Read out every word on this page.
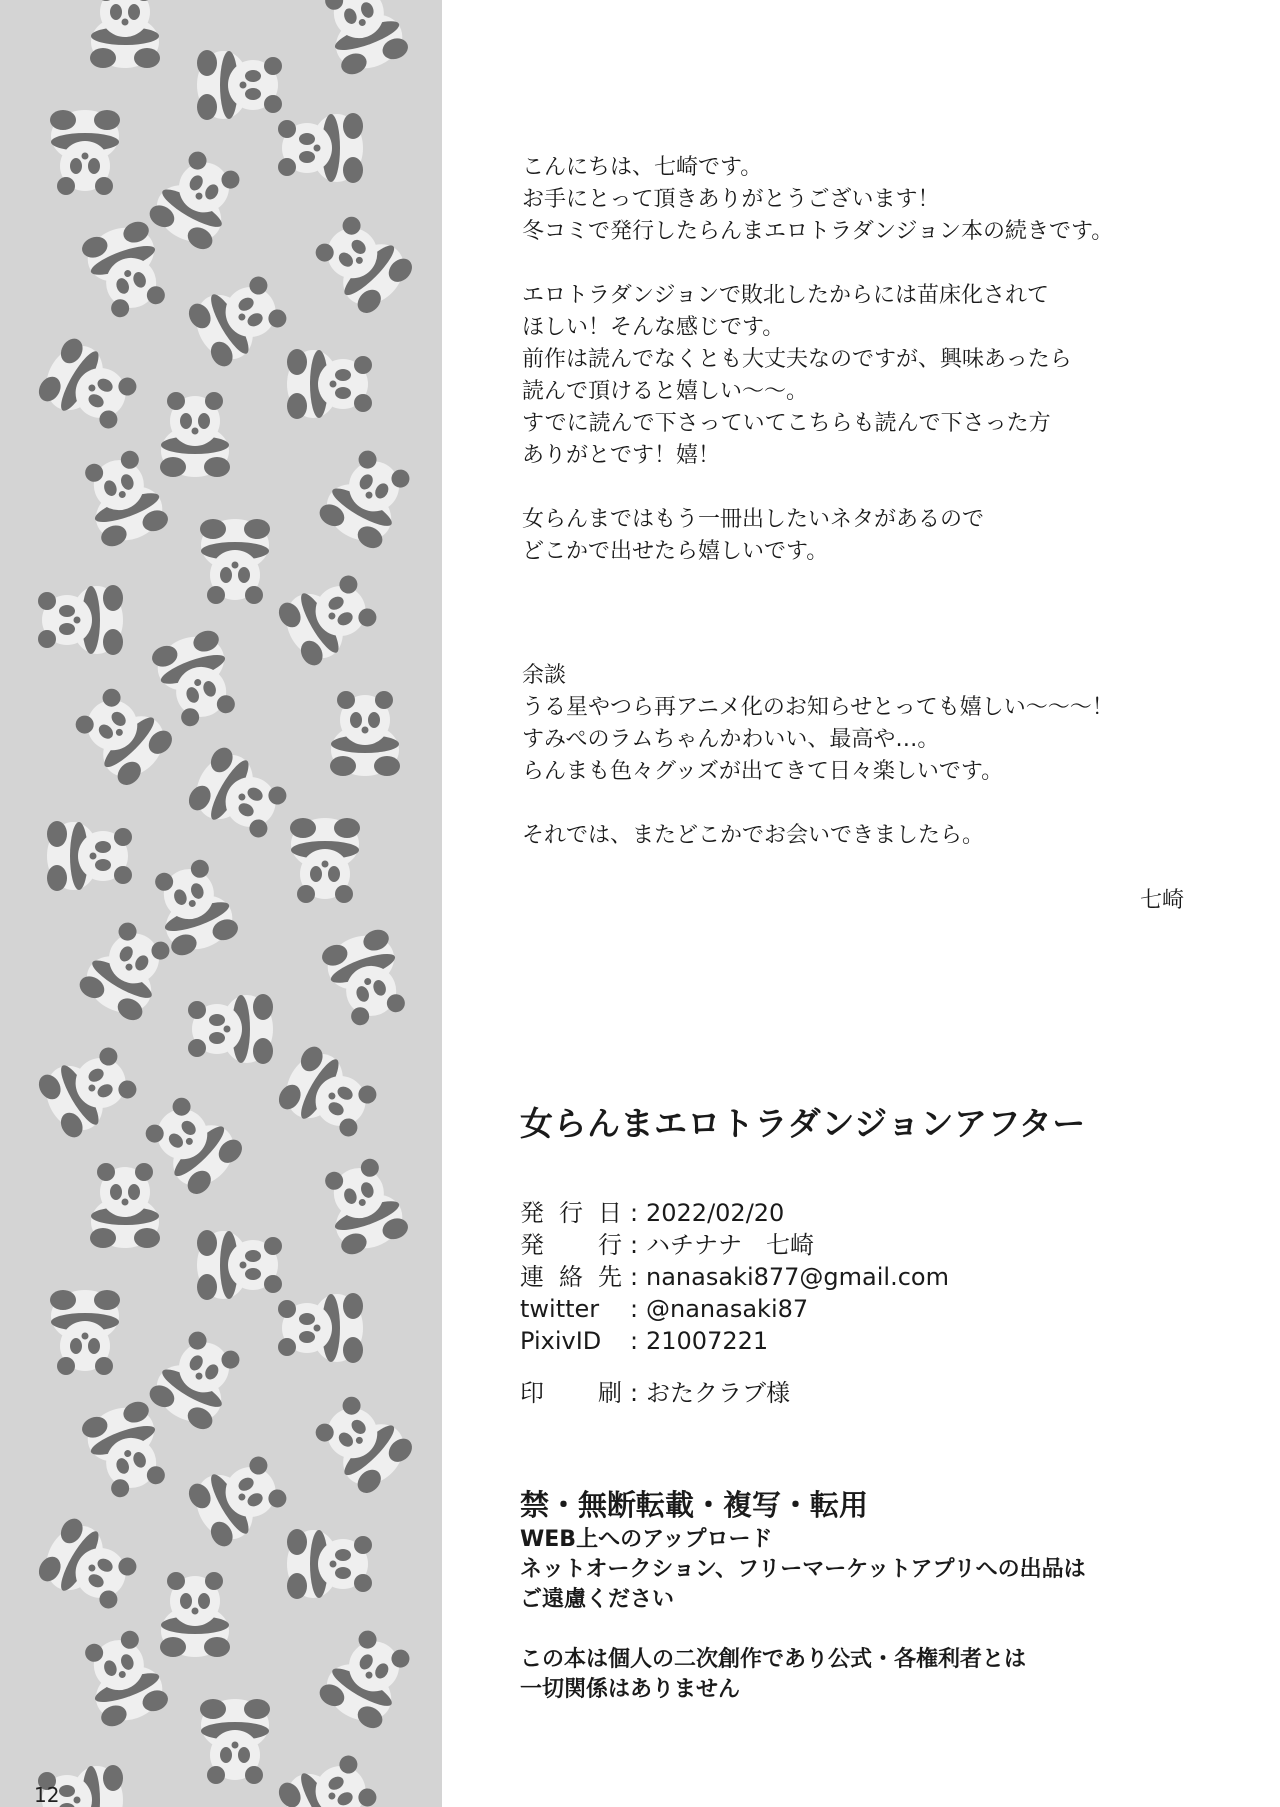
12
こんにちは、七崎です。
お手にとって頂きありがとうございます！
冬コミで発行したらんまエロトラダンジョン本の続きです。
エロトラダンジョンで敗北したからには苗床化されて
ほしい！そんな感じです。
前作は読んでなくとも大丈夫なのですが、興味あったら
読んで頂けると嬉しい〜〜。
すでに読んで下さっていてこちらも読んで下さった方
ありがとです！嬉！
女らんまではもう一冊出したいネタがあるので
どこかで出せたら嬉しいです。
余談
うる星やつら再アニメ化のお知らせとっても嬉しい〜〜〜！
すみぺのラムちゃんかわいい、最高や…。
らんまも色々グッズが出てきて日々楽しいです。
それでは、またどこかでお会いできましたら。
七崎
女らんまエロトラダンジョンアフター
発行日 : 2022/02/20
発　行 : ハチナナ　七崎
連絡先 : nanasaki877@gmail.com
twitter	: @nanasaki87
PixivID	: 21007221
印　刷 : おたクラブ様
禁・無断転載・複写・転用
WEB上へのアップロード
ネットオークション、フリーマーケットアプリへの出品は
ご遠慮ください
この本は個人の二次創作であり公式・各権利者とは
一切関係はありません
